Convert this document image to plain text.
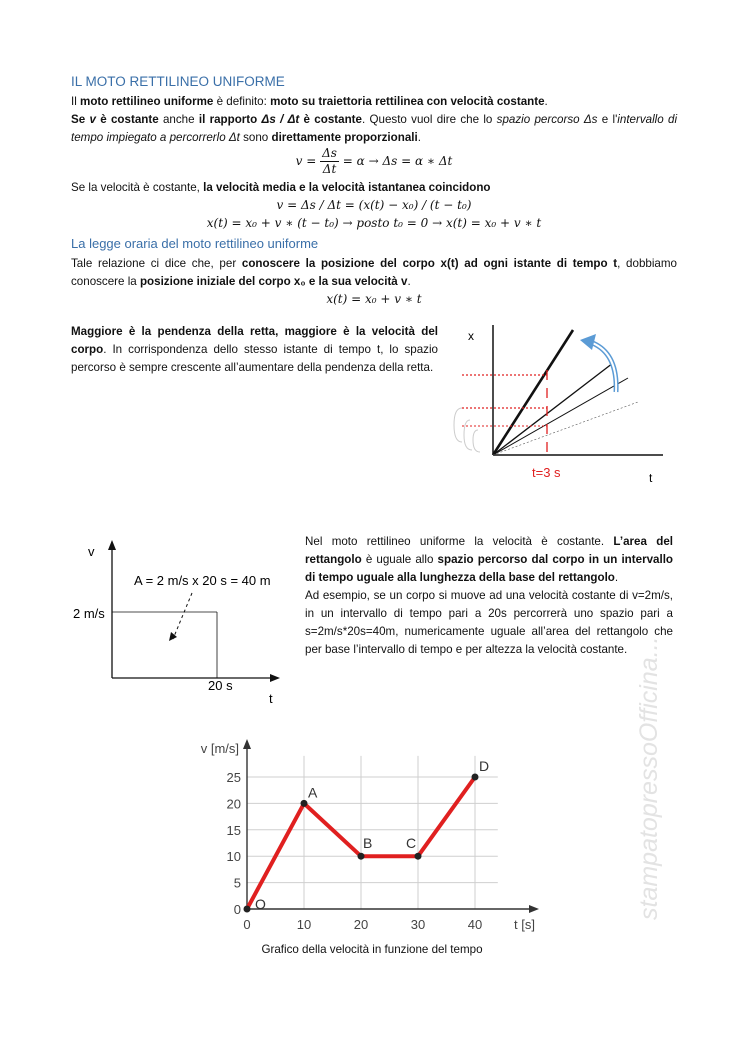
IL MOTO RETTILINEO UNIFORME
Il moto rettilineo uniforme è definito: moto su traiettoria rettilinea con velocità costante.
Se v è costante anche il rapporto Δs / Δt è costante. Questo vuol dire che lo spazio percorso Δs e l'intervallo di tempo impiegato a percorrerlo Δt sono direttamente proporzionali.
$v = \frac{\Delta s}{\Delta t} = \alpha \to \Delta s = \alpha$ ∗ Δt
Se la velocità è costante, la velocità media e la velocità istantanea coincidono
v = Δs / Δt = (x(t) − x₀) / (t − t₀)
x(t) = x₀ + v ∗ (t − t₀) → posto t₀ = 0 → x(t) = x₀ + v ∗ t
La legge oraria del moto rettilineo uniforme
Tale relazione ci dice che, per conoscere la posizione del corpo x(t) ad ogni istante di tempo t, dobbiamo conoscere la posizione iniziale del corpo x₀ e la sua velocità v.
x(t) = x₀ + v ∗ t
Maggiore è la pendenza della retta, maggiore è la velocità del corpo. In corrispondenza dello stesso istante di tempo t, lo spazio percorso è sempre crescente all’aumentare della pendenza della retta.
x
t
t=3 s
v
A = 2 m/s x 20 s = 40 m
2 m/s
20 s
t
Nel moto rettilineo uniforme la velocità è costante. L’area del rettangolo è uguale allo spazio percorso dal corpo in un intervallo di tempo uguale alla lunghezza della base del rettangolo.
Ad esempio, se un corpo si muove ad una velocità costante di v=2m/s, in un intervallo di tempo pari a 20s percorrerà uno spazio pari a s=2m/s*20s=40m, numericamente uguale all’area del rettangolo che per base l’intervallo di tempo e per altezza la velocità costante. stampatopressoOfficina...
0
5
10
15
20
25
0	10	20	30	40
v [m/s]
t [s]
O
A
B C
D
Grafico della velocità in funzione del tempo
